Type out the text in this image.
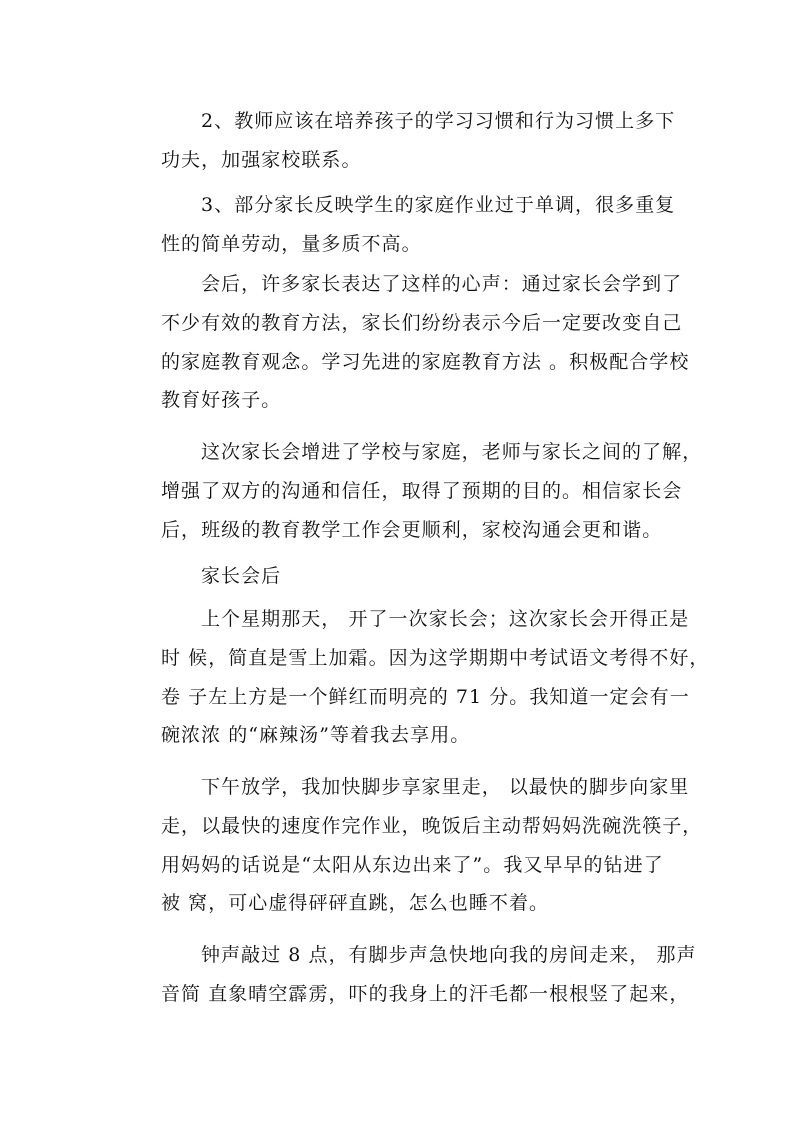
2、教师应该在培养孩子的学习习惯和行为习惯上多下
功夫，加强家校联系。
3、部分家长反映学生的家庭作业过于单调，很多重复
性的简单劳动，量多质不高。
会后，许多家长表达了这样的心声：通过家长会学到了
不少有效的教育方法，家长们纷纷表示今后一定要改变自己
的家庭教育观念。学习先进的家庭教育方法 。积极配合学校
教育好孩子。
这次家长会增进了学校与家庭，老师与家长之间的了解，
增强了双方的沟通和信任，取得了预期的目的。相信家长会
后，班级的教育教学工作会更顺利，家校沟通会更和谐。
家长会后
上个星期那天， 开了一次家长会；这次家长会开得正是
时 候，简直是雪上加霜。因为这学期期中考试语文考得不好，
卷 子左上方是一个鲜红而明亮的 71 分。我知道一定会有一
碗浓浓 的“麻辣汤”等着我去享用。
下午放学，我加快脚步享家里走， 以最快的脚步向家里
走，以最快的速度作完作业，晚饭后主动帮妈妈洗碗洗筷子，
用妈妈的话说是“太阳从东边出来了”。我又早早的钻进了
被 窝，可心虚得砰砰直跳，怎么也睡不着。
钟声敲过 8 点，有脚步声急快地向我的房间走来， 那声
音简 直象晴空霹雳，吓的我身上的汗毛都一根根竖了起来，
